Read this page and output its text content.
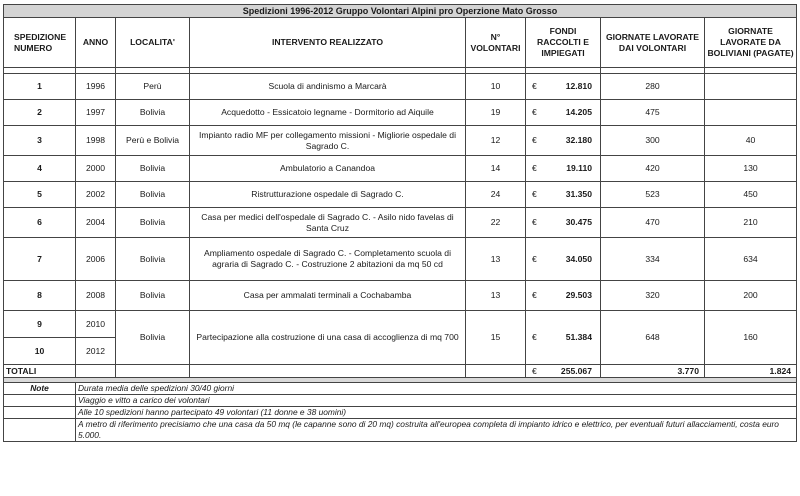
Spedizioni 1996-2012 Gruppo Volontari Alpini pro Operzione Mato Grosso								
SPEDIZIONE NUMERO	ANNO	LOCALITA'	INTERVENTO REALIZZATO	N° VOLONTARI	FONDI RACCOLTI E IMPIEGATI		GIORNATE LAVORATE DAI VOLONTARI	GIORNATE LAVORATE DA BOLIVIANI (PAGATE)

1	1996	Perù	Scuola di andinismo a Marcarà	10	€	12.810	280	
2	1997	Bolivia	Acquedotto - Essicatoio legname - Dormitorio ad Aiquile	19	€	14.205	475	
3	1998	Perù e Bolivia	Impianto radio MF per collegamento missioni - Migliorie ospedale di Sagrado C.	12	€	32.180	300	40
4	2000	Bolivia	Ambulatorio a Canandoa	14	€	19.110	420	130
5	2002	Bolivia	Ristrutturazione ospedale di Sagrado C.	24	€	31.350	523	450
6	2004	Bolivia	Casa per medici dell'ospedale di Sagrado C. - Asilo nido favelas di Santa Cruz	22	€	30.475	470	210
7	2006	Bolivia	Ampliamento ospedale di Sagrado C. - Completamento scuola di agraria di Sagrado C. - Costruzione 2 abitazioni da mq 50 cd	13	€	34.050	334	634
8	2008	Bolivia	Casa per ammalati terminali a Cochabamba	13	€	29.503	320	200
9	2010	Bolivia	Partecipazione alla costruzione di una casa di accoglienza di mq 700	15	€	51.384	648	160
10	2012							
TOTALI					€	255.067	3.770	1.824

Note	Durata media delle spedizioni 30/40 giorni							
	Viaggio e vitto a carico dei volontari							
	Alle 10 spedizioni hanno partecipato 49 volontari (11 donne e 38 uomini)							
	A metro di riferimento precisiamo che una casa da 50 mq (le capanne sono di 20 mq) costruita all'europea completa di impianto idrico e elettrico, per eventuali futuri allacciamenti, costa euro 5.000.							
